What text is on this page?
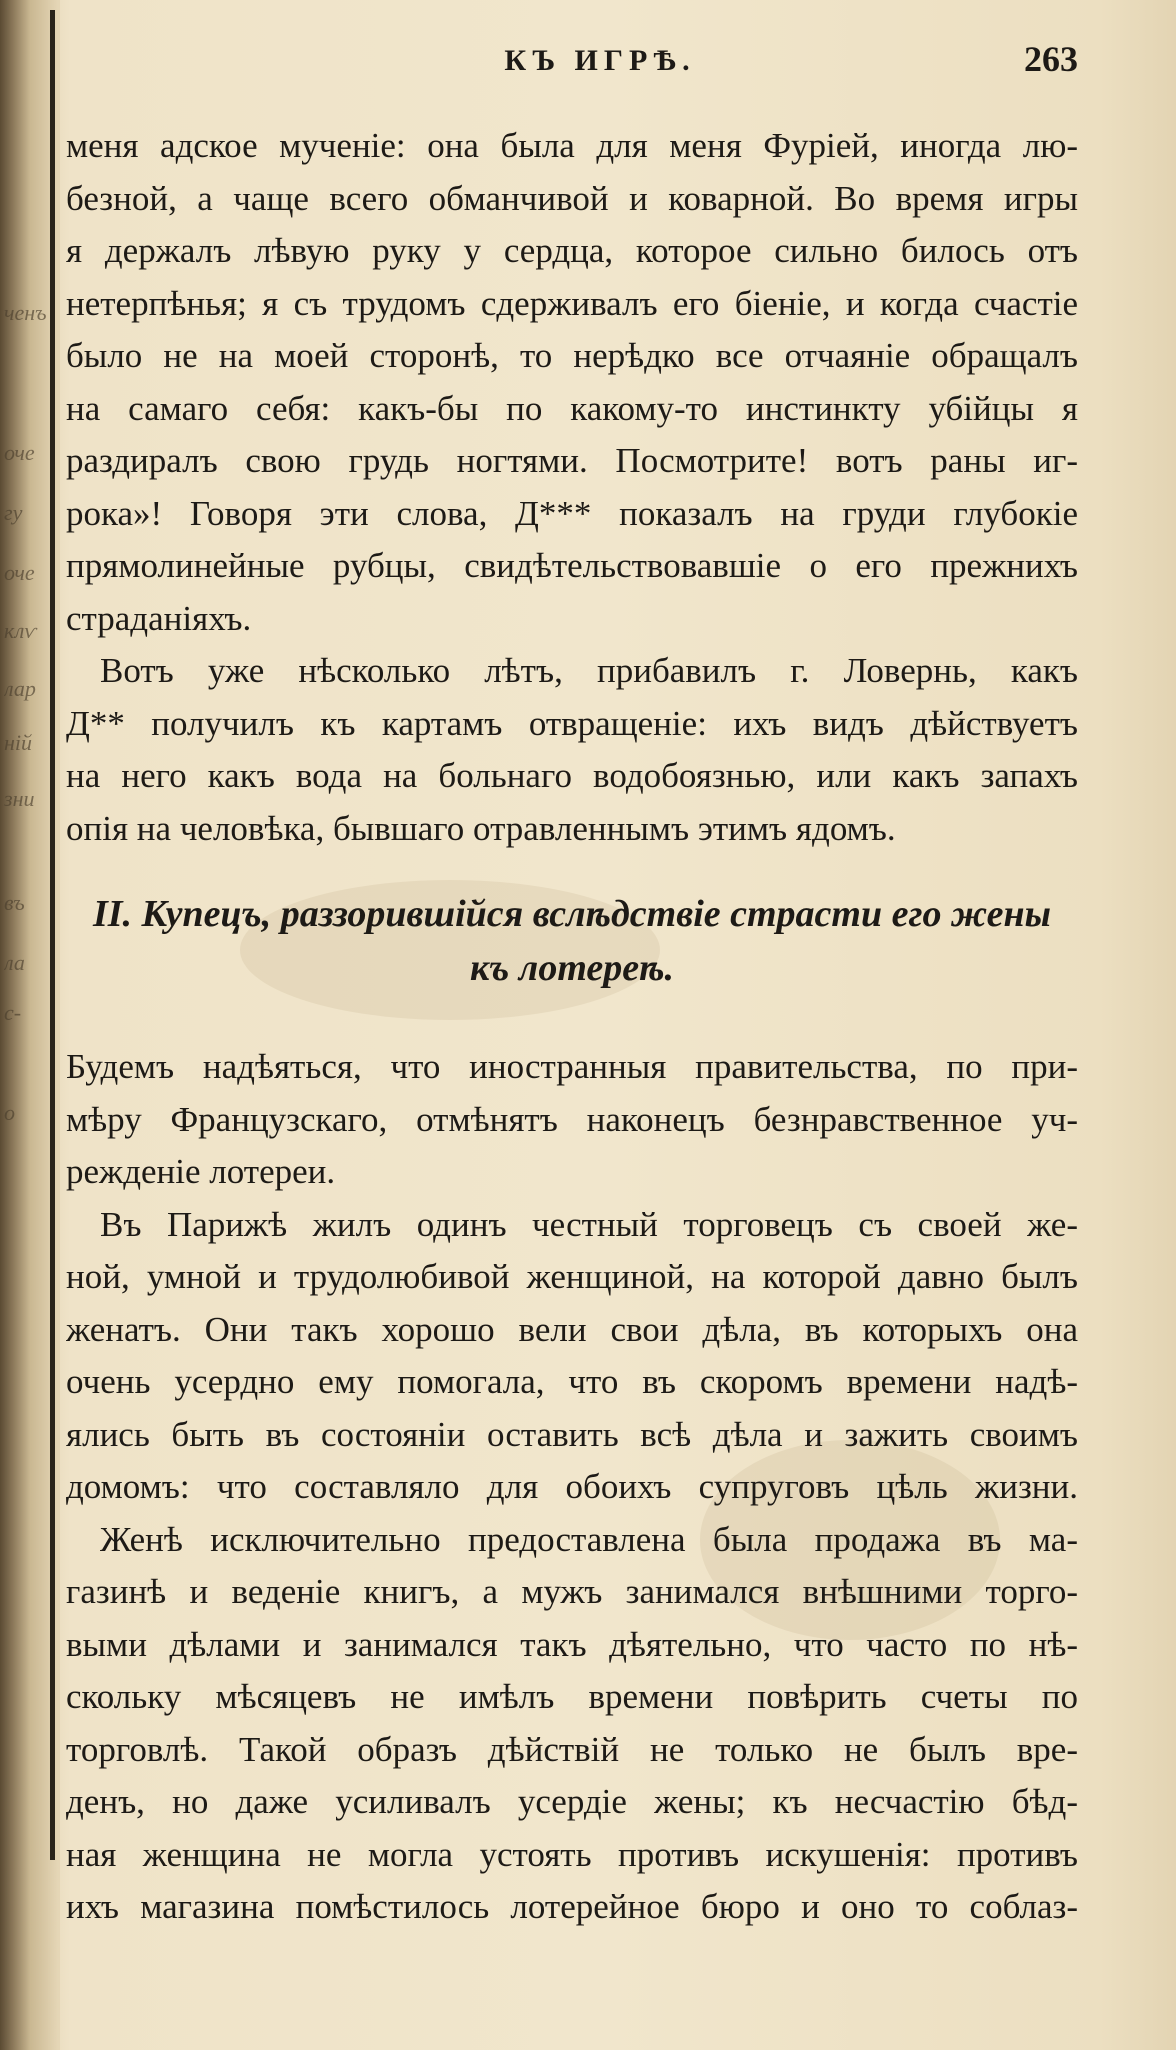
ченъ
оче
гу
оче
клѵ
лар
ній
зни
въ
ла
с-
о
КЪ ИГРѢ.	263
меня адское мученіе: она была для меня Фуріей, иногда лю-
безной, а чаще всего обманчивой и коварной. Во время игры
я держалъ лѣвую руку у сердца, которое сильно билось отъ
нетерпѣнья; я съ трудомъ сдерживалъ его біеніе, и когда счастіе
было не на моей сторонѣ, то нерѣдко все отчаяніе обращалъ
на самаго себя: какъ-бы по какому-то инстинкту убійцы я
раздиралъ свою грудь ногтями. Посмотрите! вотъ раны иг-
рока»! Говоря эти слова, Д*** показалъ на груди глубокіе
прямолинейные рубцы, свидѣтельствовавшіе о его прежнихъ
страданіяхъ.
Вотъ уже нѣсколько лѣтъ, прибавилъ г. Ловернь, какъ
Д** получилъ къ картамъ отвращеніе: ихъ видъ дѣйствуетъ
на него какъ вода на больнаго водобоязнью, или какъ запахъ
опія на человѣка, бывшаго отравленнымъ этимъ ядомъ.
II. Купецъ, раззорившійся вслѣдствіе страсти его жены
къ лотереѣ.
Будемъ надѣяться, что иностранныя правительства, по при-
мѣру Французскаго, отмѣнятъ наконецъ безнравственное уч-
режденіе лотереи.
Въ Парижѣ жилъ одинъ честный торговецъ съ своей же-
ной, умной и трудолюбивой женщиной, на которой давно былъ
женатъ. Они такъ хорошо вели свои дѣла, въ которыхъ она
очень усердно ему помогала, что въ скоромъ времени надѣ-
ялись быть въ состояніи оставить всѣ дѣла и зажить своимъ
домомъ: что составляло для обоихъ супруговъ цѣль жизни.
Женѣ исключительно предоставлена была продажа въ ма-
газинѣ и веденіе книгъ, а мужъ занимался внѣшними торго-
выми дѣлами и занимался такъ дѣятельно, что часто по нѣ-
скольку мѣсяцевъ не имѣлъ времени повѣрить счеты по
торговлѣ. Такой образъ дѣйствій не только не былъ вре-
денъ, но даже усиливалъ усердіе жены; къ несчастію бѣд-
ная женщина не могла устоять противъ искушенія: противъ
ихъ магазина помѣстилось лотерейное бюро и оно то соблаз-
